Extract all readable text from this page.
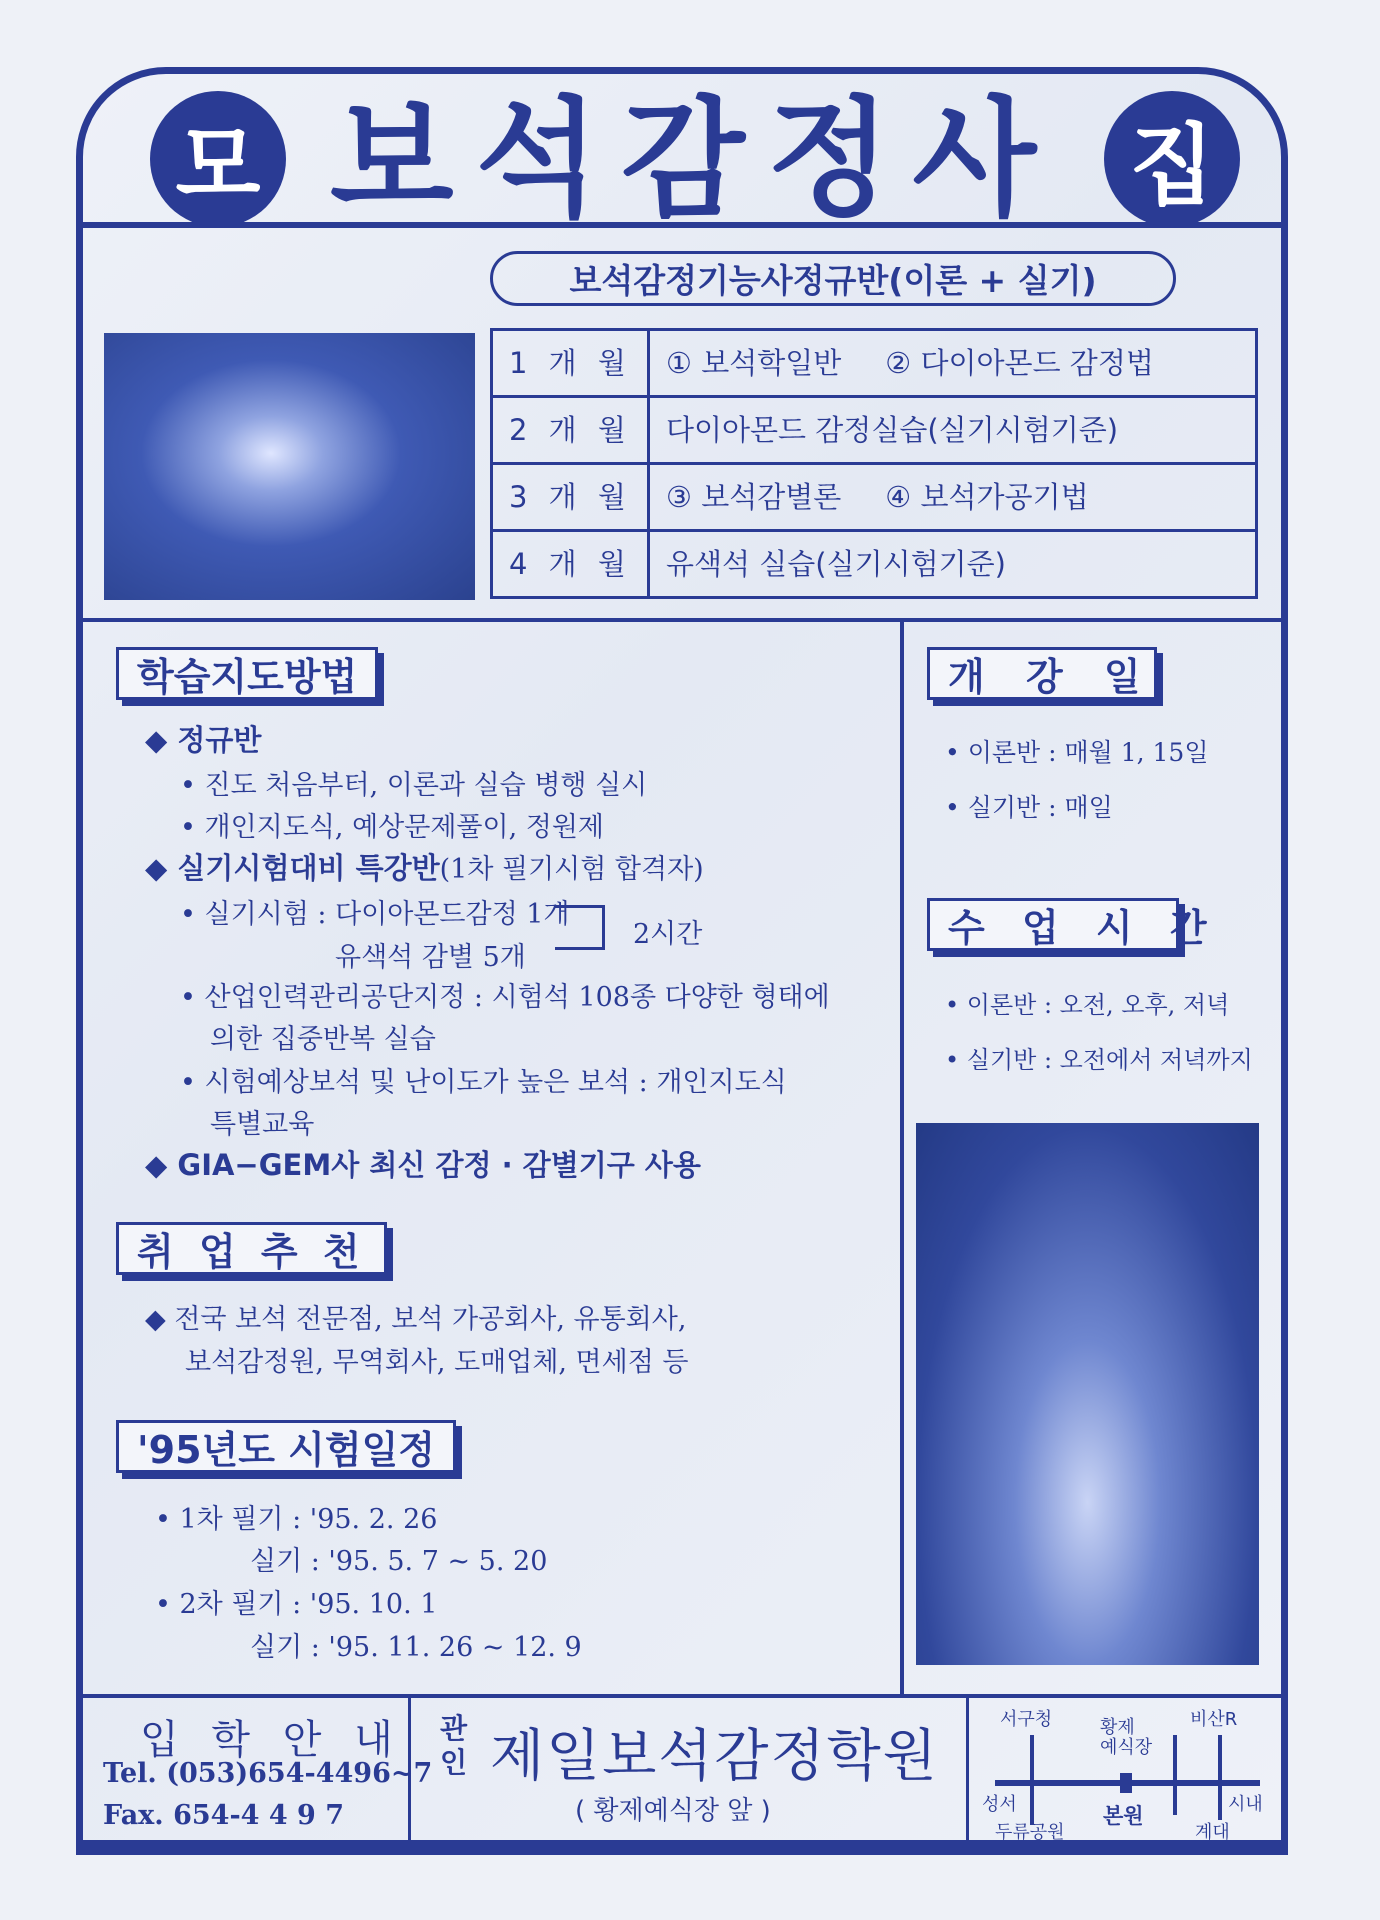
모 보석감정사 집
보석감정기능사정규반(이론 + 실기)
1 개 월	① 보석학일반 ② 다이아몬드 감정법
2 개 월	다이아몬드 감정실습(실기시험기준)
3 개 월	③ 보석감별론 ④ 보석가공기법
4 개 월	유색석 실습(실기시험기준)
학습지도방법
◆ 정규반
• 진도 처음부터, 이론과 실습 병행 실시
• 개인지도식, 예상문제풀이, 정원제
◆ 실기시험대비 특강반(1차 필기시험 합격자)
• 실기시험 : 다이아몬드감정 1개
유색석 감별 5개
2시간
• 산업인력관리공단지정 : 시험석 108종 다양한 형태에
의한 집중반복 실습
• 시험예상보석 및 난이도가 높은 보석 : 개인지도식
특별교육
◆ GIA−GEM사 최신 감정 · 감별기구 사용
취 업 추 천
◆ 전국 보석 전문점, 보석 가공회사, 유통회사,
보석감정원, 무역회사, 도매업체, 면세점 등
'95년도 시험일정
• 1차 필기 : '95. 2. 26
실기 : '95. 5. 7 ~ 5. 20
• 2차 필기 : '95. 10. 1
실기 : '95. 11. 26 ~ 12. 9
개 강 일
• 이론반 : 매월 1, 15일
• 실기반 : 매일
수 업 시 간
• 이론반 : 오전, 오후, 저녁
• 실기반 : 오전에서 저녁까지
입 학 안 내
Tel. (053)654-4496~7
Fax. 654-4 4 9 7
관인 제일보석감정학원
( 황제예식장 앞 )
서구청	황제
예식장
비산R
성서	시내
두류공원
본원
계대
